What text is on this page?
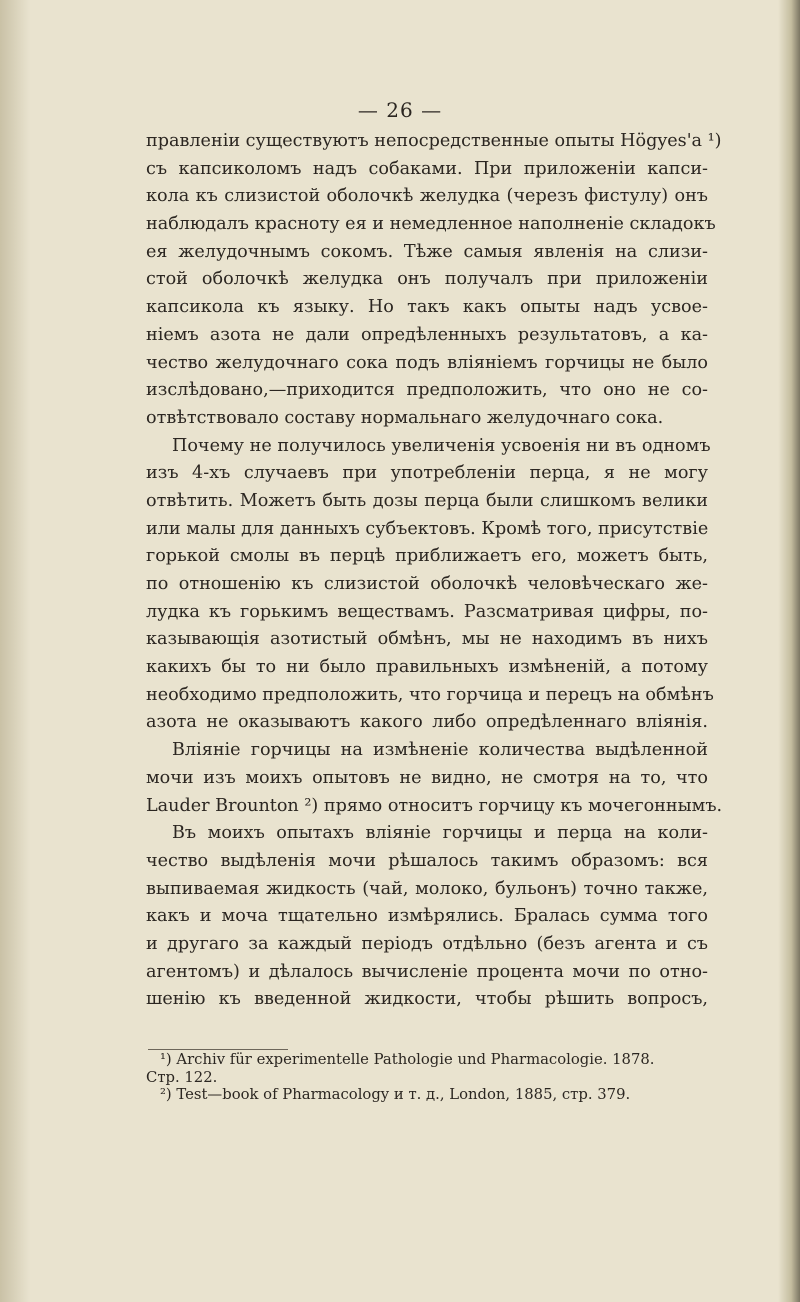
— 26 —
правленіи существуютъ непосредственные опыты Högyes'a ¹)
съ капсиколомъ надъ собаками. При приложеніи капси-
кола къ слизистой оболочкѣ желудка (черезъ фистулу) онъ
наблюдалъ красноту ея и немедленное наполненіе складокъ
ея желудочнымъ сокомъ. Тѣже самыя явленія на слизи-
стой оболочкѣ желудка онъ получалъ при приложеніи
капсикола къ языку. Но такъ какъ опыты надъ усвое-
ніемъ азота не дали опредѣленныхъ результатовъ, а ка-
чество желудочнаго сока подъ вліяніемъ горчицы не было
изслѣдовано,—приходится предположить, что оно не со-
отвѣтствовало составу нормальнаго желудочнаго сока.
Почему не получилось увеличенія усвоенія ни въ одномъ
изъ 4-хъ случаевъ при употребленіи перца, я не могу
отвѣтить. Можетъ быть дозы перца были слишкомъ велики
или малы для данныхъ субъектовъ. Кромѣ того, присутствіе
горькой смолы въ перцѣ приближаетъ его, можетъ быть,
по отношенію къ слизистой оболочкѣ человѣческаго же-
лудка къ горькимъ веществамъ. Разсматривая цифры, по-
казывающія азотистый обмѣнъ, мы не находимъ въ нихъ
какихъ бы то ни было правильныхъ измѣненій, а потому
необходимо предположить, что горчица и перецъ на обмѣнъ
азота не оказываютъ какого либо опредѣленнаго вліянія.
Вліяніе горчицы на измѣненіе количества выдѣленной
мочи изъ моихъ опытовъ не видно, не смотря на то, что
Lauder Brounton ²) прямо относитъ горчицу къ мочегоннымъ.
Въ моихъ опытахъ вліяніе горчицы и перца на коли-
чество выдѣленія мочи рѣшалось такимъ образомъ: вся
выпиваемая жидкость (чай, молоко, бульонъ) точно также,
какъ и моча тщательно измѣрялись. Бралась сумма того
и другаго за каждый періодъ отдѣльно (безъ агента и съ
агентомъ) и дѣлалось вычисленіе процента мочи по отно-
шенію къ введенной жидкости, чтобы рѣшить вопросъ,
¹) Archiv für experimentelle Pathologie und Pharmacologie. 1878.
Стр. 122.
²) Test—book of Pharmacology и т. д., London, 1885, стр. 379.
